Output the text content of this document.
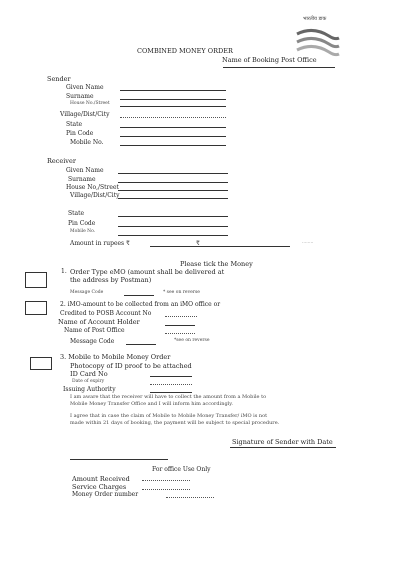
भारतीय डाक
COMBINED MONEY ORDER
Name of Booking Post Office
Sender
Given Name
Surname
House No./Street
Village/Dist/City
State
Pin Code
Mobile No.
Receiver
Given Name
Surname
House No,/Street
Village/Dist/City
State
Pin Code
Mobile No.
Amount in rupees ₹	₹	........
Please tick the Money
1. Order Type eMO (amount shall be delivered at
the address by Postman)
Message Code	* see on reverse
2. iMO-amount to be collected from an iMO office or
Credited to POSB Account No
Name of Account Holder
Name of Post Office
Message Code	*see on reverse
3. Mobile to Mobile Money Order
Photocopy of ID proof to be attached
ID Card No
Date of expiry
Issuing Authority
I am aware that the receiver will have to collect the amount from a Mobile to
Mobile Money Transfer Office and I will inform him accordingly.
I agree that in case the claim of Mobile to Mobile Money Transfer/ iMO is not
made within 21 days of booking, the payment will be subject to special procedure.
Signature of Sender with Date
For office Use Only
Amount Received
Service Charges
Money Order number
